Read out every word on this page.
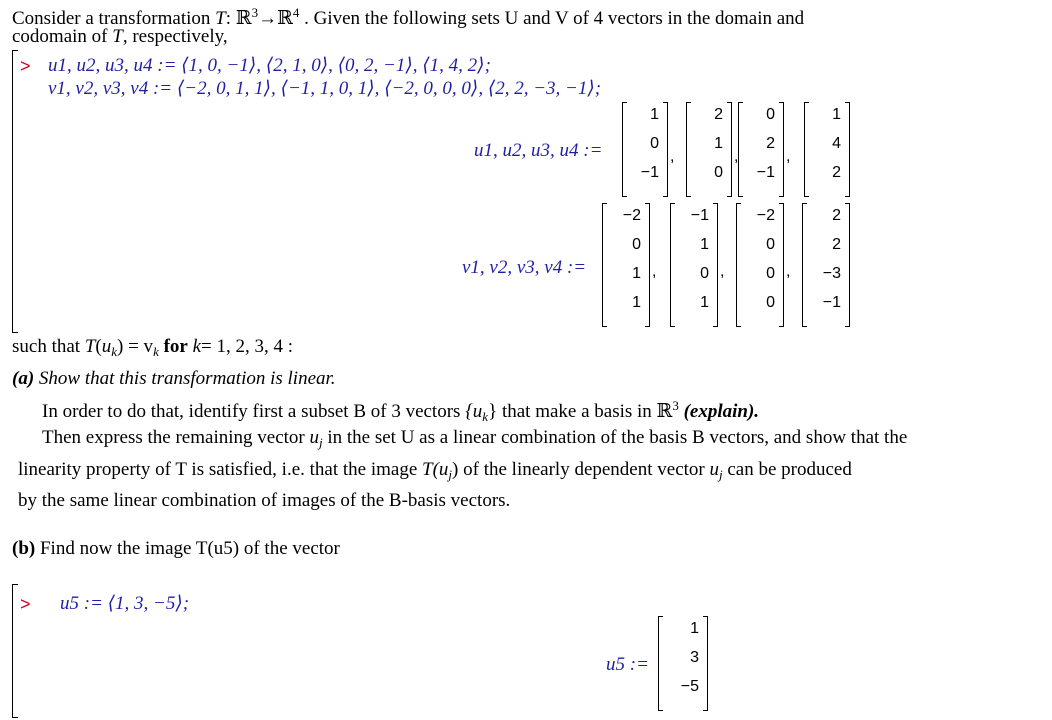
Consider a transformation T: ℝ$^3$→ℝ$^4$ . Given the following sets U and V of 4 vectors in the domain and
codomain of T, respectively,
> u1, u2, u3, u4 := ⟨1, 0, −1⟩, ⟨2, 1, 0⟩, ⟨0, 2, −1⟩, ⟨1, 4, 2⟩;
v1, v2, v3, v4 := ⟨−2, 0, 1, 1⟩, ⟨−1, 1, 0, 1⟩, ⟨−2, 0, 0, 0⟩, ⟨2, 2, −3, −1⟩;
u1, u2, u3, u4 :=
1
0
−1
,
2
1
0
,
0
2
−1
,
1
4
2
v1, v2, v3, v4 :=
−2
0
1
1
,
−1
1
0
1
,
−2
0
0
0
,
2
2
−3
−1
such that $T(u_k) = v_k$ for k= 1, 2, 3, 4 :
(a) Show that this transformation is linear.
In order to do that, identify first a subset B of 3 vectors $\{u_k\}$ that make a basis in ℝ$^3$ (explain).
Then express the remaining vector $u_j$ in the set U as a linear combination of the basis B vectors, and show that the
linearity property of T is satisfied, i.e. that the image $T(u_j)$ of the linearly dependent vector $u_j$ can be produced
by the same linear combination of images of the B-basis vectors.
(b) Find now the image T(u5) of the vector
> u5 := ⟨1, 3, −5⟩;
u5 :=
1
3
−5
